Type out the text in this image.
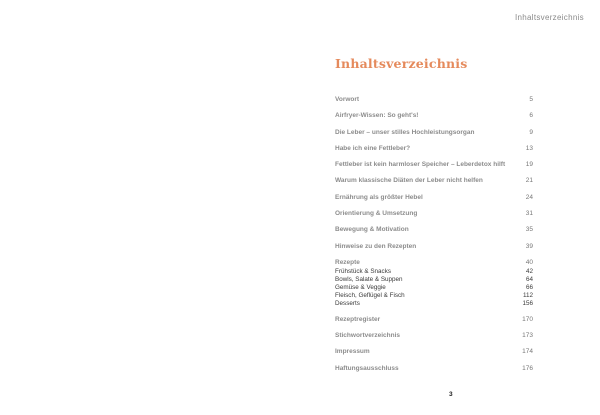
Inhaltsverzeichnis
Inhaltsverzeichnis
Vorwort	5
Airfryer-Wissen: So geht's!	6
Die Leber – unser stilles Hochleistungsorgan	9
Habe ich eine Fettleber?	13
Fettleber ist kein harmloser Speicher – Leberdetox hilft	19
Warum klassische Diäten der Leber nicht helfen	21
Ernährung als größter Hebel	24
Orientierung & Umsetzung	31
Bewegung & Motivation	35
Hinweise zu den Rezepten	39
Rezepte	40
Frühstück & Snacks	42
Bowls, Salate & Suppen	64
Gemüse & Veggie	66
Fleisch, Geflügel & Fisch	112
Desserts	156
Rezeptregister	170
Stichwortverzeichnis	173
Impressum	174
Haftungsausschluss	176
3
